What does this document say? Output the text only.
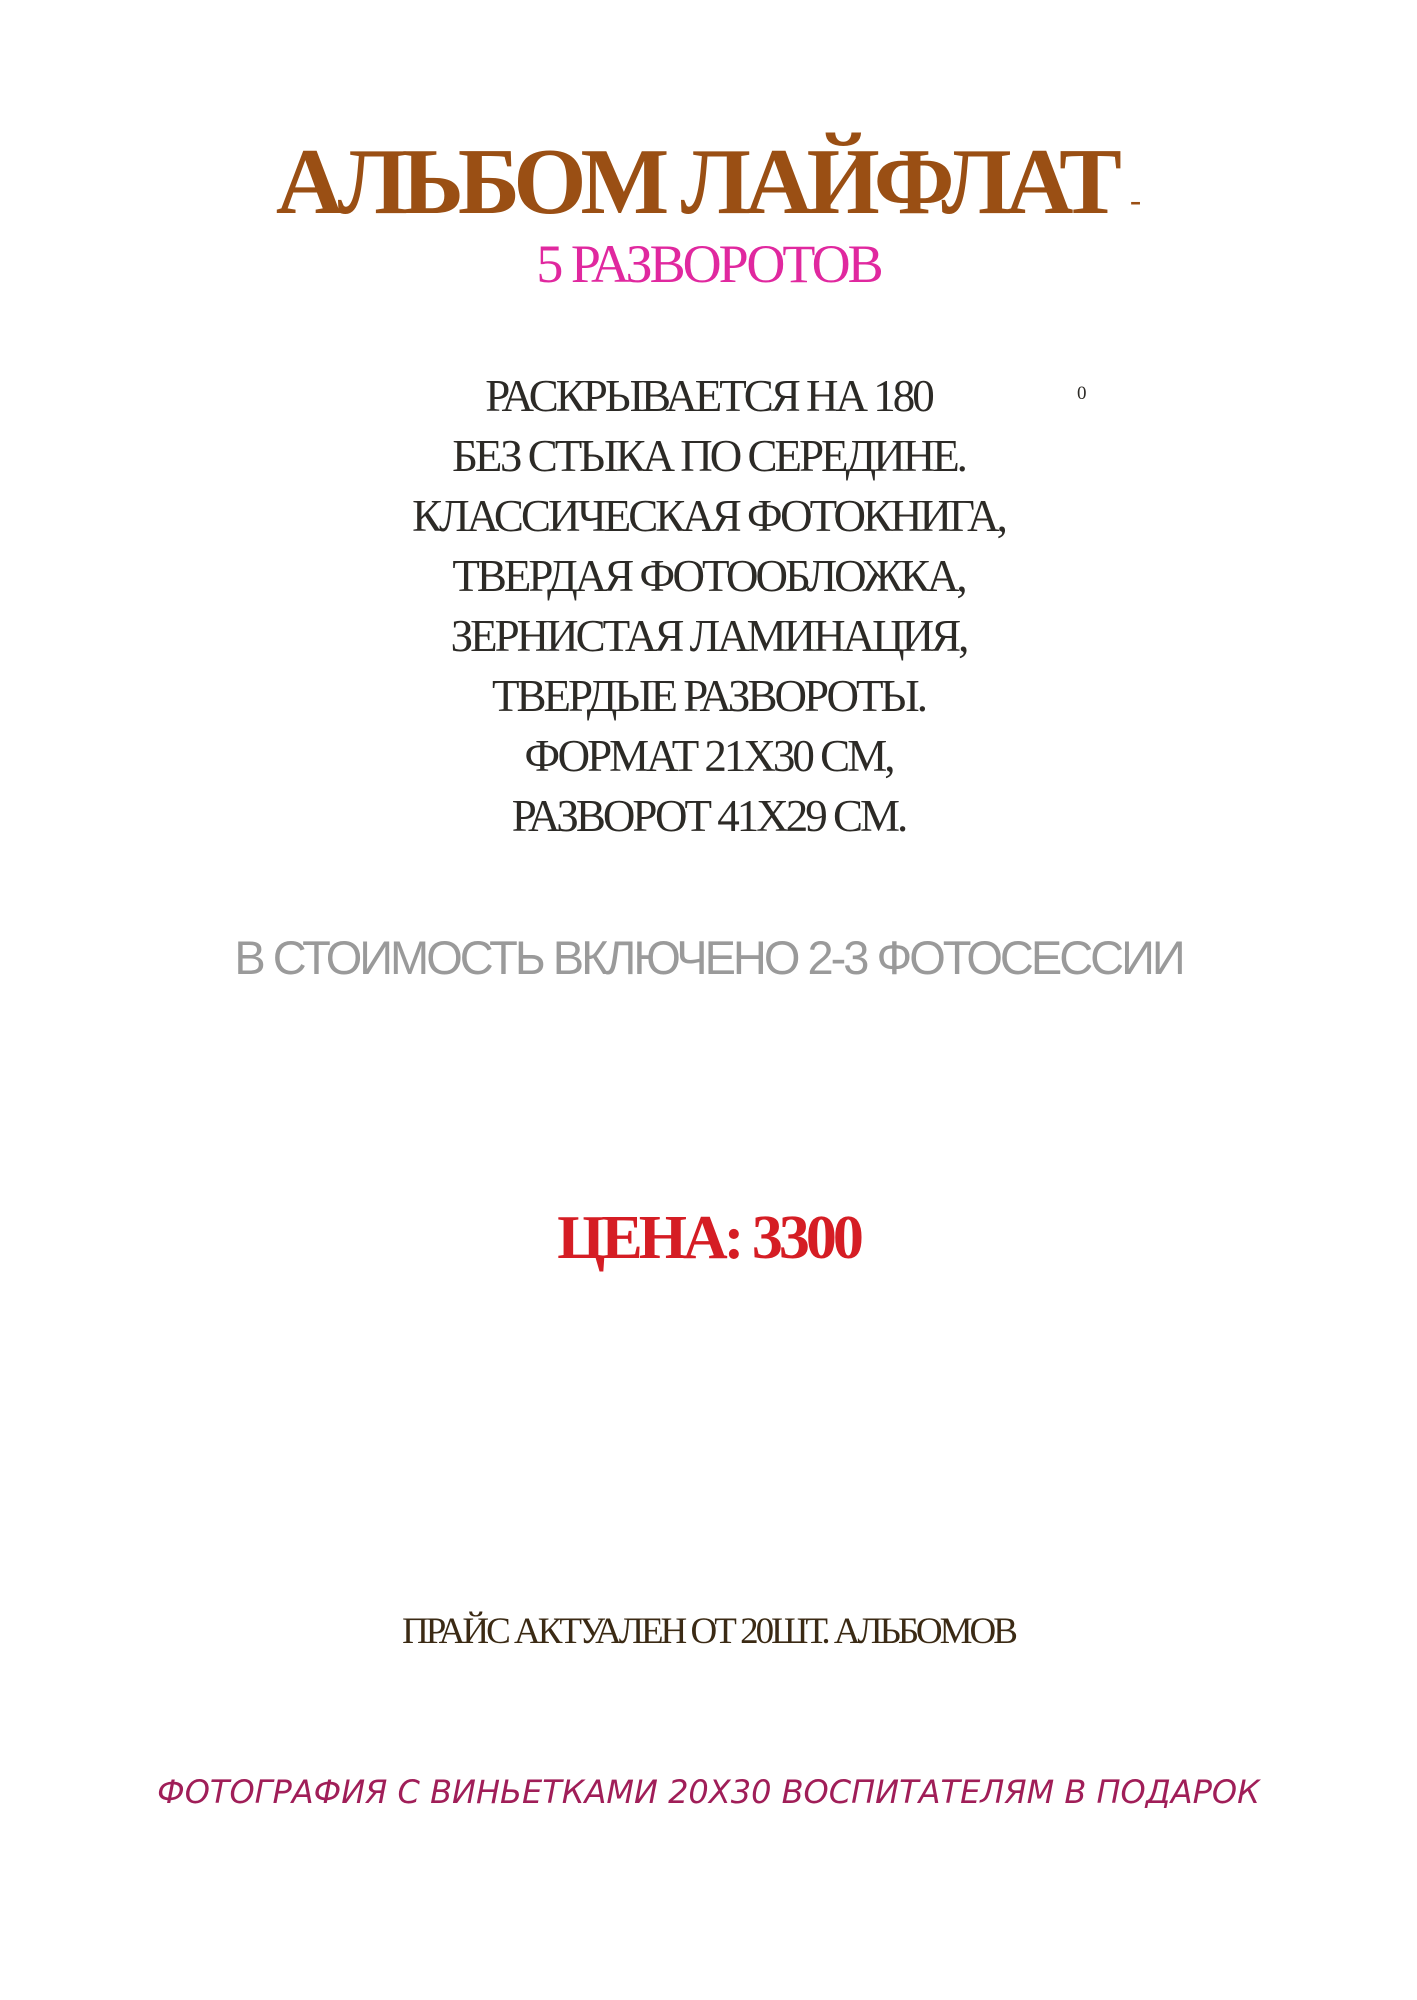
АЛЬБОМ ЛАЙФЛАТ -
5 РАЗВОРОТОВ
РАСКРЫВАЕТСЯ НА 180
БЕЗ СТЫКА ПО СЕРЕДИНЕ.
КЛАССИЧЕСКАЯ ФОТОКНИГА,
ТВЕРДАЯ ФОТООБЛОЖКА,
ЗЕРНИСТАЯ ЛАМИНАЦИЯ,
ТВЕРДЫЕ РАЗВОРОТЫ.
ФОРМАТ 21Х30 СМ,
РАЗВОРОТ 41Х29 СМ.
0
В СТОИМОСТЬ ВКЛЮЧЕНО 2-3 ФОТОСЕССИИ
ЦЕНА: 3300
ПРАЙС АКТУАЛЕН ОТ 20ШТ. АЛЬБОМОВ
ФОТОГРАФИЯ С ВИНЬЕТКАМИ 20Х30 ВОСПИТАТЕЛЯМ В ПОДАРОК
